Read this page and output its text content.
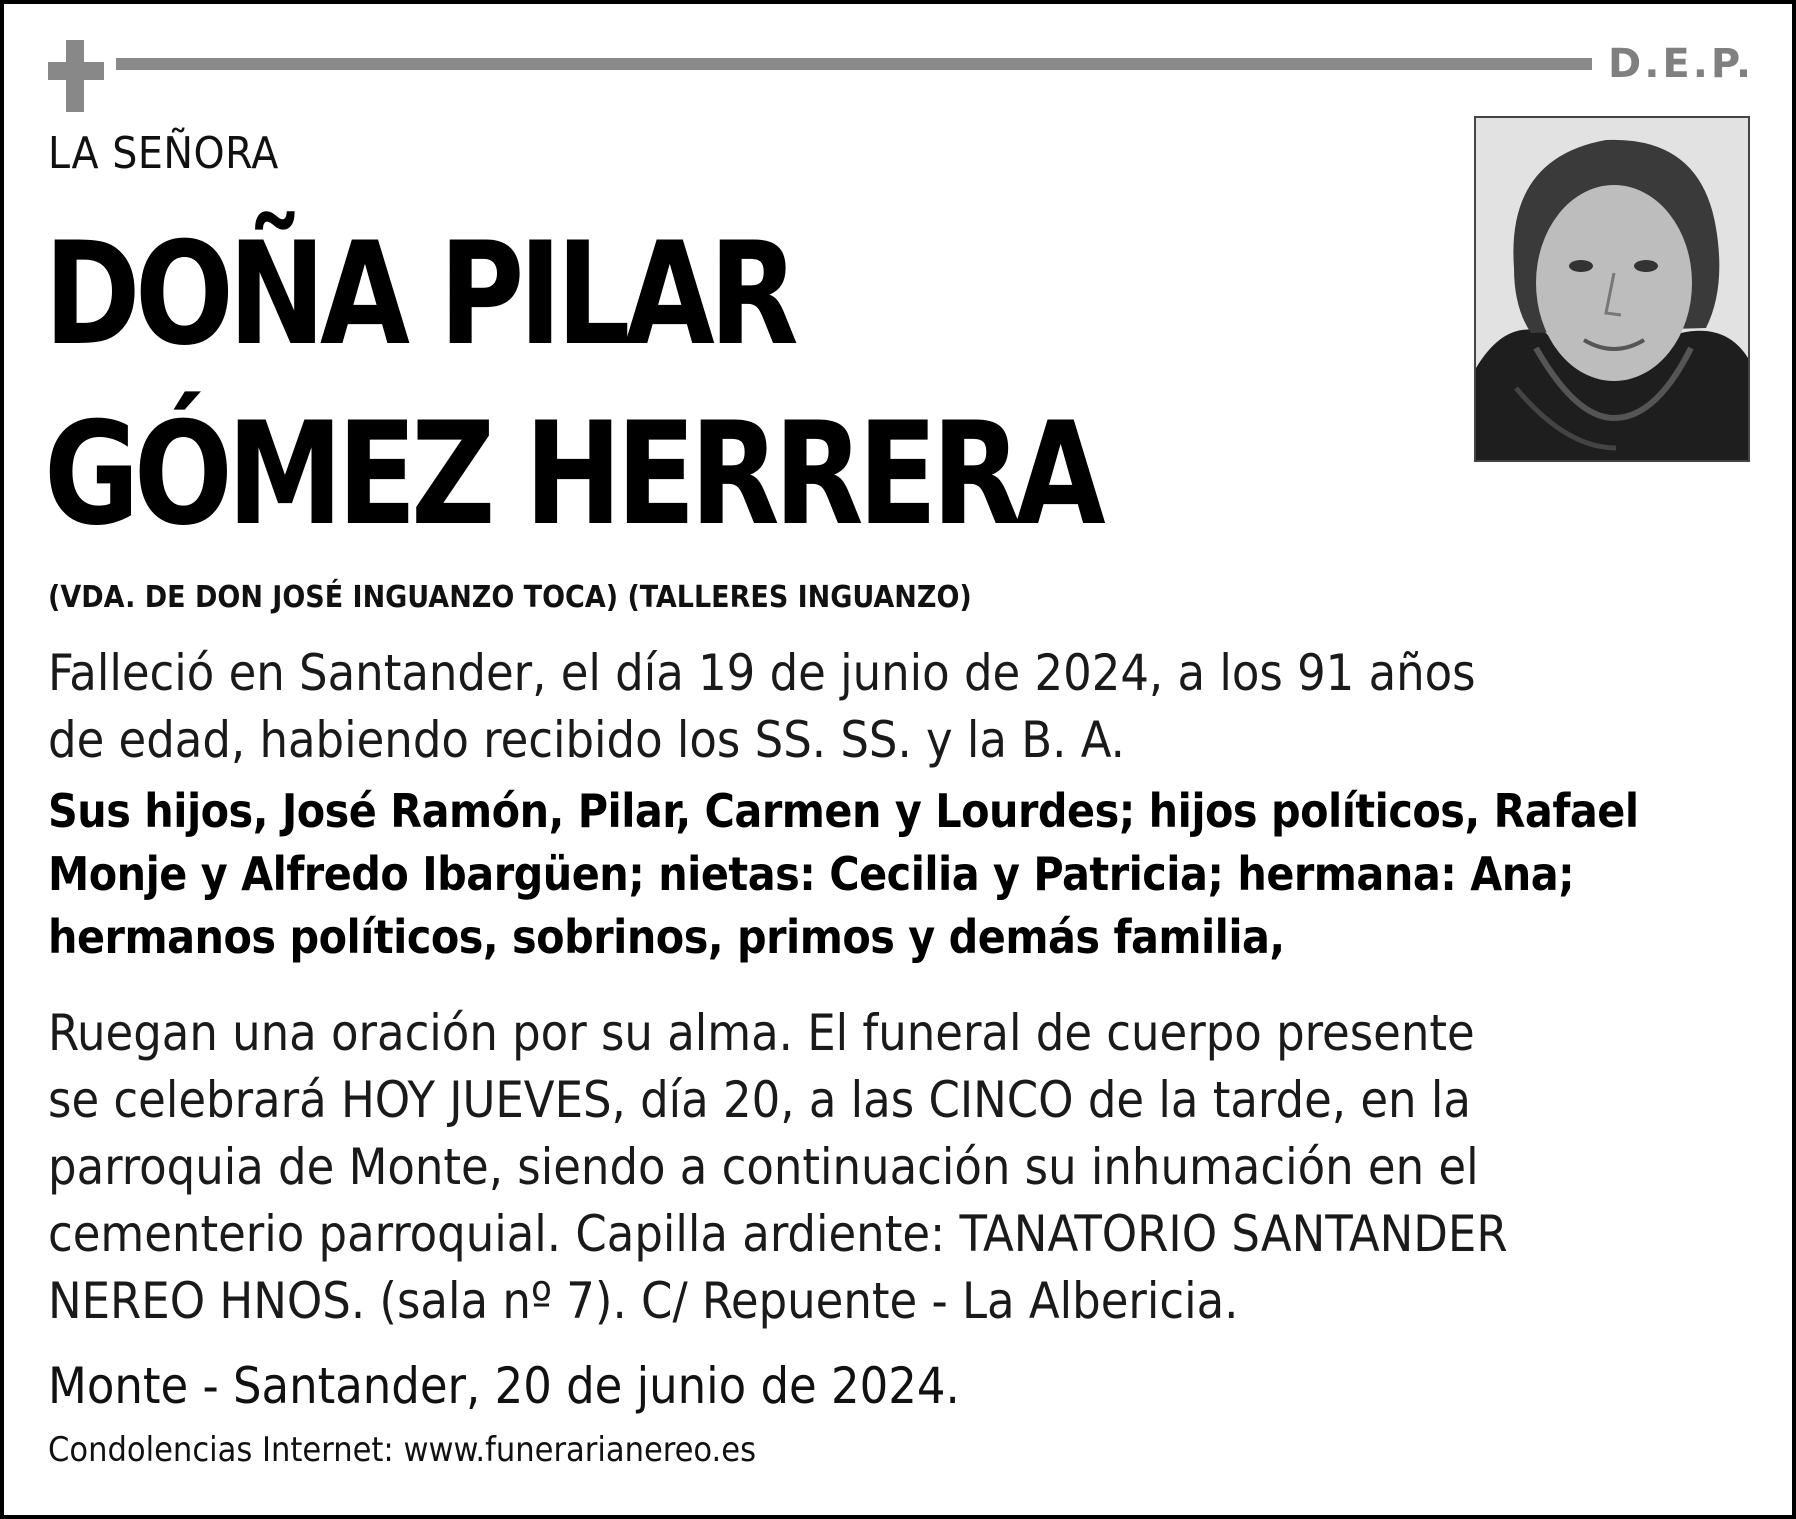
D.E.P.
LA SEÑORA
DOÑA PILAR
GÓMEZ HERRERA
(VDA. DE DON JOSÉ INGUANZO TOCA) (TALLERES INGUANZO)
Falleció en Santander, el día 19 de junio de 2024, a los 91 años
de edad, habiendo recibido los SS. SS. y la B. A.
Sus hijos, José Ramón, Pilar, Carmen y Lourdes; hijos políticos, Rafael
Monje y Alfredo Ibargüen; nietas: Cecilia y Patricia; hermana: Ana;
hermanos políticos, sobrinos, primos y demás familia,
Ruegan una oración por su alma. El funeral de cuerpo presente
se celebrará HOY JUEVES, día 20, a las CINCO de la tarde, en la
parroquia de Monte, siendo a continuación su inhumación en el
cementerio parroquial. Capilla ardiente: TANATORIO SANTANDER
NEREO HNOS. (sala nº 7). C/ Repuente - La Albericia.
Monte - Santander, 20 de junio de 2024.
Condolencias Internet: www.funerarianereo.es
